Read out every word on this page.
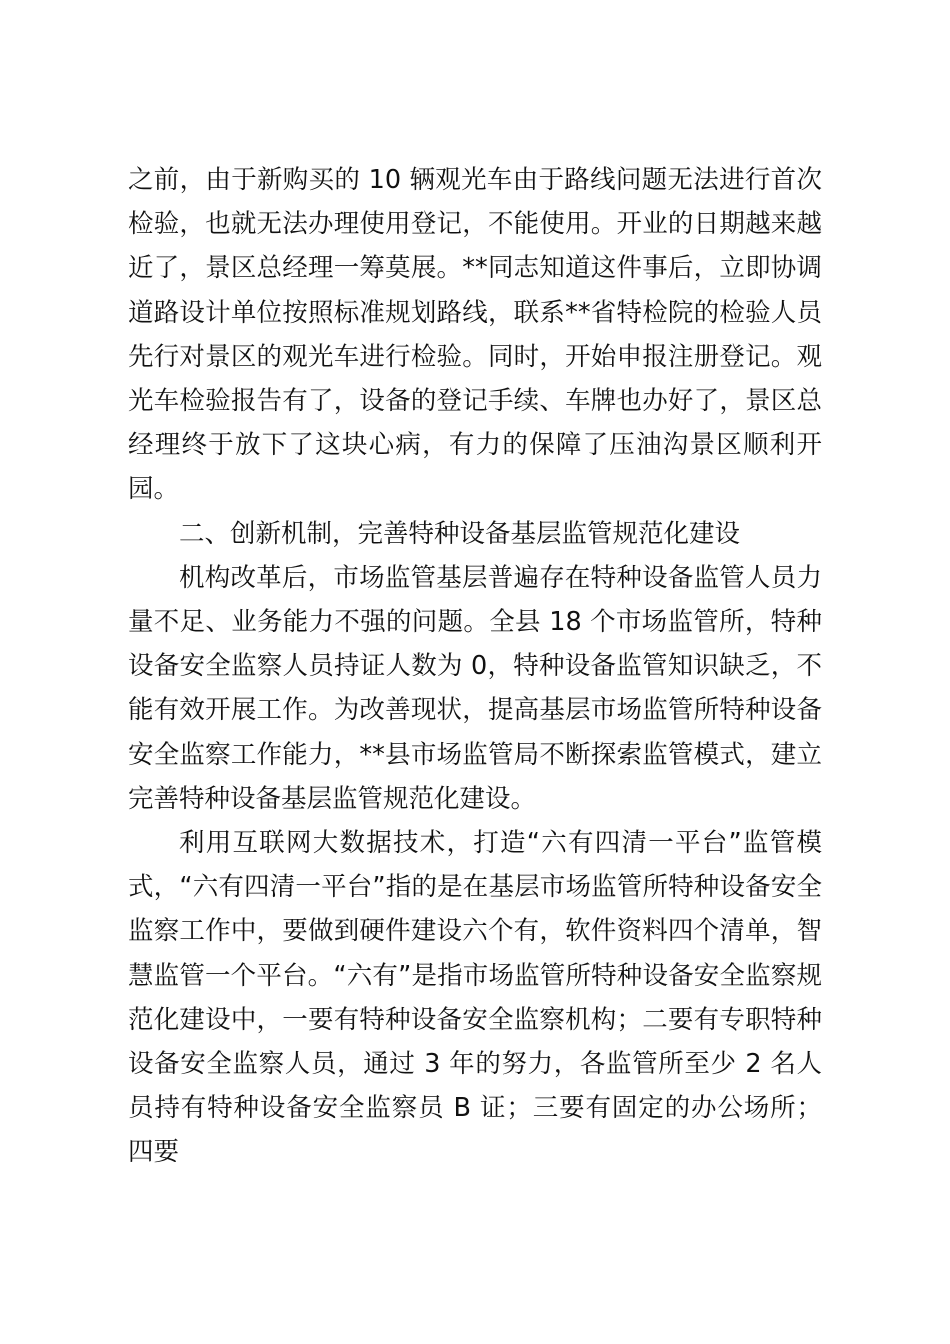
之前，由于新购买的 10 辆观光车由于路线问题无法进行首次检验，也就无法办理使用登记，不能使用。开业的日期越来越近了，景区总经理一筹莫展。**同志知道这件事后，立即协调道路设计单位按照标准规划路线，联系**省特检院的检验人员先行对景区的观光车进行检验。同时，开始申报注册登记。观光车检验报告有了，设备的登记手续、车牌也办好了，景区总经理终于放下了这块心病，有力的保障了压油沟景区顺利开园。

二、创新机制，完善特种设备基层监管规范化建设

机构改革后，市场监管基层普遍存在特种设备监管人员力量不足、业务能力不强的问题。全县 18 个市场监管所，特种设备安全监察人员持证人数为 0，特种设备监管知识缺乏，不能有效开展工作。为改善现状，提高基层市场监管所特种设备安全监察工作能力，**县市场监管局不断探索监管模式，建立完善特种设备基层监管规范化建设。

利用互联网大数据技术，打造“六有四清一平台”监管模式，“六有四清一平台”指的是在基层市场监管所特种设备安全监察工作中，要做到硬件建设六个有，软件资料四个清单，智慧监管一个平台。“六有”是指市场监管所特种设备安全监察规范化建设中，一要有特种设备安全监察机构；二要有专职特种设备安全监察人员，通过 3 年的努力，各监管所至少 2 名人员持有特种设备安全监察员 B 证；三要有固定的办公场所；四要
